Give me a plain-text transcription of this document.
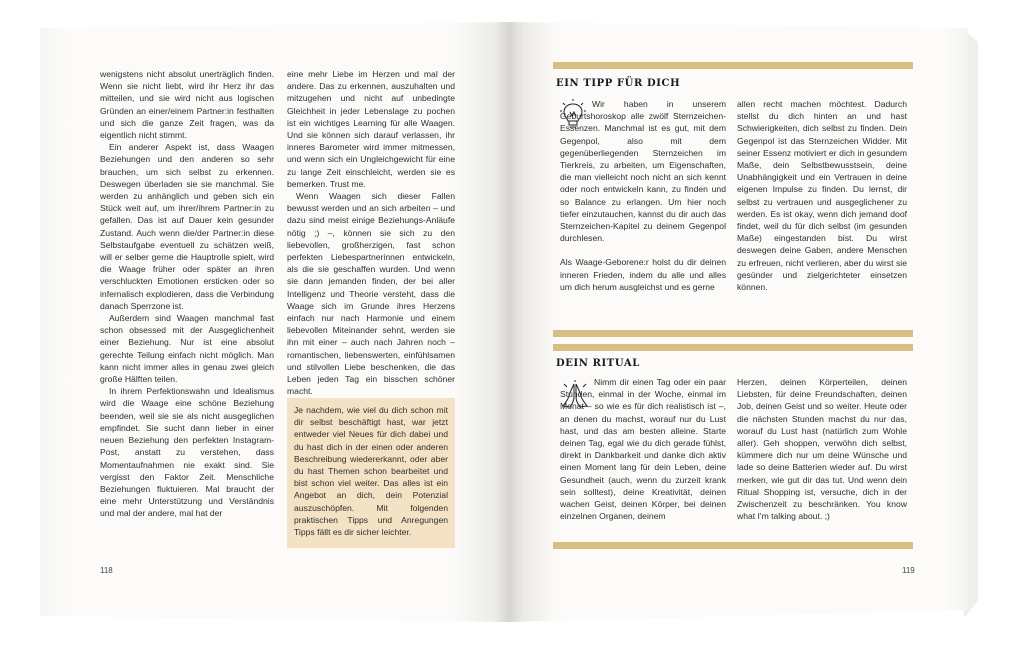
wenigstens nicht absolut unerträglich finden. Wenn sie nicht liebt, wird ihr Herz ihr das mitteilen, und sie wird nicht aus logischen Gründen an einer/einem Partner:in festhalten und sich die ganze Zeit fragen, was da eigentlich nicht stimmt.

Ein anderer Aspekt ist, dass Waagen Beziehungen und den anderen so sehr brauchen, um sich selbst zu erkennen. Deswegen überladen sie sie manchmal. Sie werden zu anhänglich und geben sich ein Stück weit auf, um ihrer/ihrem Partner:in zu gefallen. Das ist auf Dauer kein gesunder Zustand. Auch wenn die/der Partner:in diese Selbstaufgabe eventuell zu schätzen weiß, will er selber gerne die Hauptrolle spielt, wird die Waage früher oder später an ihren verschluckten Emotionen ersticken oder so infernalisch explodieren, dass die Verbindung danach Sperrzone ist.

Außerdem sind Waagen manchmal fast schon obsessed mit der Ausgeglichenheit einer Beziehung. Nur ist eine absolut gerechte Teilung einfach nicht möglich. Man kann nicht immer alles in genau zwei gleich große Hälften teilen.

In ihrem Perfektionswahn und Idealismus wird die Waage eine schöne Beziehung beenden, weil sie sie als nicht ausgeglichen empfindet. Sie sucht dann lieber in einer neuen Beziehung den perfekten Instagram-Post, anstatt zu verstehen, dass Momentaufnahmen nie exakt sind. Sie vergisst den Faktor Zeit. Menschliche Beziehungen fluktuieren. Mal braucht der eine mehr Unterstützung und Verständnis und mal der andere, mal hat der

eine mehr Liebe im Herzen und mal der andere. Das zu erkennen, auszuhalten und mitzugehen und nicht auf unbedingte Gleichheit in jeder Lebenslage zu pochen ist ein wichtiges Learning für alle Waagen. Und sie können sich darauf verlassen, ihr inneres Barometer wird immer mitmessen, und wenn sich ein Ungleichgewicht für eine zu lange Zeit einschleicht, werden sie es bemerken. Trust me.

Wenn Waagen sich dieser Fallen bewusst werden und an sich arbeiten – und dazu sind meist einige Beziehungs-Anläufe nötig ;) –, können sie sich zu den liebevollen, großherzigen, fast schon perfekten Liebespartnerinnen entwickeln, als die sie geschaffen wurden. Und wenn sie dann jemanden finden, der bei aller Intelligenz und Theorie versteht, dass die Waage sich im Grunde ihres Herzens einfach nur nach Harmonie und einem liebevollen Miteinander sehnt, werden sie ihn mit einer – auch nach Jahren noch – romantischen, liebenswerten, einfühlsamen und stilvollen Liebe beschenken, die das Leben jeden Tag ein bisschen schöner macht.

Je nachdem, wie viel du dich schon mit dir selbst beschäftigt hast, war jetzt entweder viel Neues für dich dabei und du hast dich in der einen oder anderen Beschreibung wiedererkannt, oder aber du hast Themen schon bearbeitet und bist schon viel weiter. Das alles ist ein Angebot an dich, dein Potenzial auszuschöpfen. Mit folgenden praktischen Tipps und Anregungen Tipps fällt es dir sicher leichter.
118
EIN TIPP FÜR DICH
Wir haben in unserem Geburtshoroskop alle zwölf Sternzeichen-Essenzen. Manchmal ist es gut, mit dem Gegenpol, also mit dem gegenüberliegenden Sternzeichen im Tierkreis, zu arbeiten, um Eigenschaften, die man vielleicht noch nicht an sich kennt oder noch entwickeln kann, zu finden und so Balance zu erlangen. Um hier noch tiefer einzutauchen, kannst du dir auch das Sternzeichen-Kapitel zu deinem Gegenpol durchlesen.
Als Waage-Geborene:r holst du dir deinen inneren Frieden, indem du alle und alles um dich herum ausgleichst und es gerne
allen recht machen möchtest. Dadurch stellst du dich hinten an und hast Schwierigkeiten, dich selbst zu finden. Dein Gegenpol ist das Sternzeichen Widder. Mit seiner Essenz motiviert er dich in gesundem Maße, dein Selbstbewusstsein, deine Unabhängigkeit und ein Vertrauen in deine eigenen Impulse zu finden. Du lernst, dir selbst zu vertrauen und ausgeglichener zu werden. Es ist okay, wenn dich jemand doof findet, weil du für dich selbst (im gesunden Maße) eingestanden bist. Du wirst deswegen deine Gaben, andere Menschen zu erfreuen, nicht verlieren, aber du wirst sie gesünder und zielgerichteter einsetzen können.
DEIN RITUAL
Nimm dir einen Tag oder ein paar Stunden, einmal in der Woche, einmal im Monat – so wie es für dich realistisch ist –, an denen du machst, worauf nur du Lust hast, und das am besten alleine. Starte deinen Tag, egal wie du dich gerade fühlst, direkt in Dankbarkeit und danke dich aktiv einen Moment lang für dein Leben, deine Gesundheit (auch, wenn du zurzeit krank sein solltest), deine Kreativität, deinen wachen Geist, deinen Körper, bei deinen einzelnen Organen, deinem
Herzen, deinen Körperteilen, deinen Liebsten, für deine Freundschaften, deinen Job, deinen Geist und so weiter. Heute oder die nächsten Stunden machst du nur das, worauf du Lust hast (natürlich zum Wohle aller). Geh shoppen, verwöhn dich selbst, kümmere dich nur um deine Wünsche und lade so deine Batterien wieder auf. Du wirst merken, wie gut dir das tut. Und wenn dein Ritual Shopping ist, versuche, dich in der Zwischenzeit zu beschränken. You know what I'm talking about. ;)
119
